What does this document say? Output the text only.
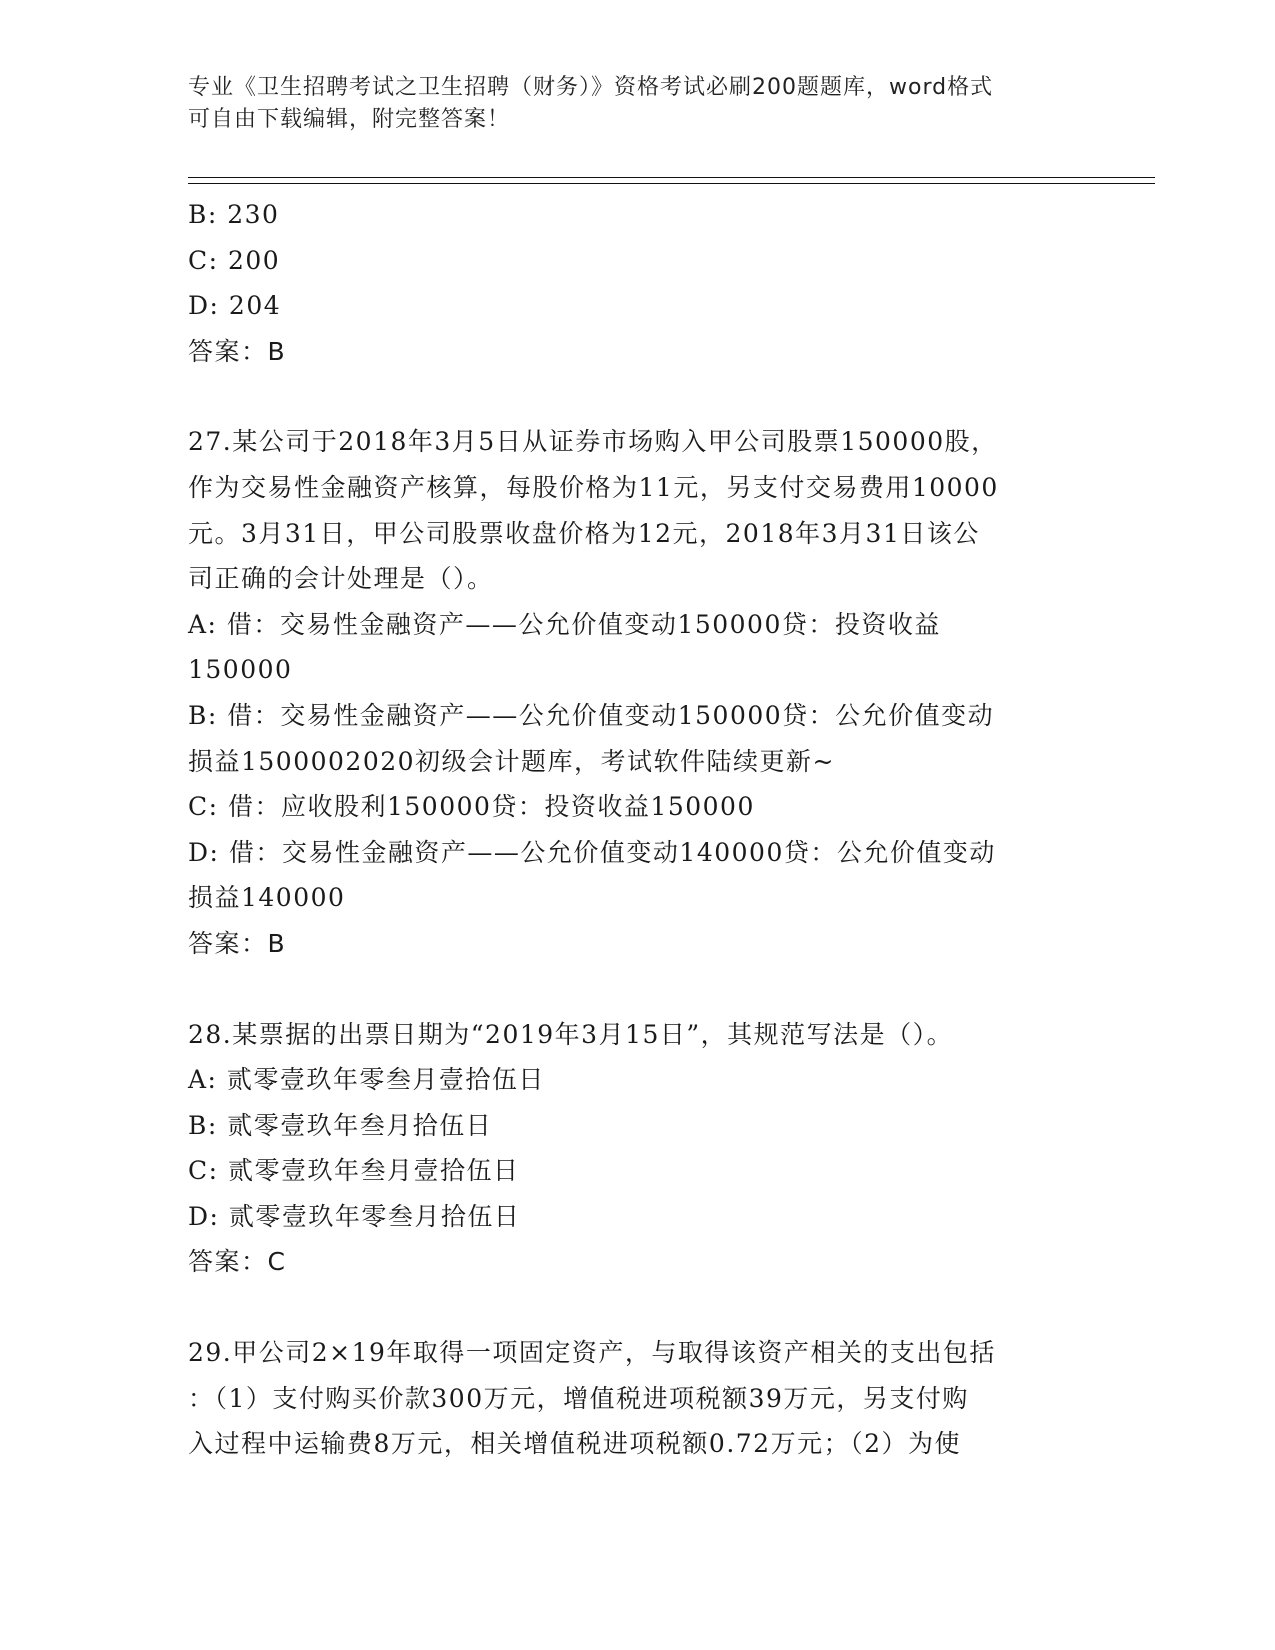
专业《卫生招聘考试之卫生招聘（财务）》资格考试必刷200题题库，word格式
可自由下载编辑，附完整答案！
B: 230
C: 200
D: 204
答案：B
27.某公司于2018年3月5日从证券市场购入甲公司股票150000股，
作为交易性金融资产核算，每股价格为11元，另支付交易费用10000
元。3月31日，甲公司股票收盘价格为12元，2018年3月31日该公
司正确的会计处理是（）。
A: 借：交易性金融资产——公允价值变动150000贷：投资收益
150000
B: 借：交易性金融资产——公允价值变动150000贷：公允价值变动
损益1500002020初级会计题库，考试软件陆续更新~
C: 借：应收股利150000贷：投资收益150000
D: 借：交易性金融资产——公允价值变动140000贷：公允价值变动
损益140000
答案：B
28.某票据的出票日期为“2019年3月15日”，其规范写法是（）。
A: 贰零壹玖年零叁月壹拾伍日
B: 贰零壹玖年叁月拾伍日
C: 贰零壹玖年叁月壹拾伍日
D: 贰零壹玖年零叁月拾伍日
答案：C
29.甲公司2×19年取得一项固定资产，与取得该资产相关的支出包括
：（1）支付购买价款300万元，增值税进项税额39万元，另支付购
入过程中运输费8万元，相关增值税进项税额0.72万元；（2）为使
